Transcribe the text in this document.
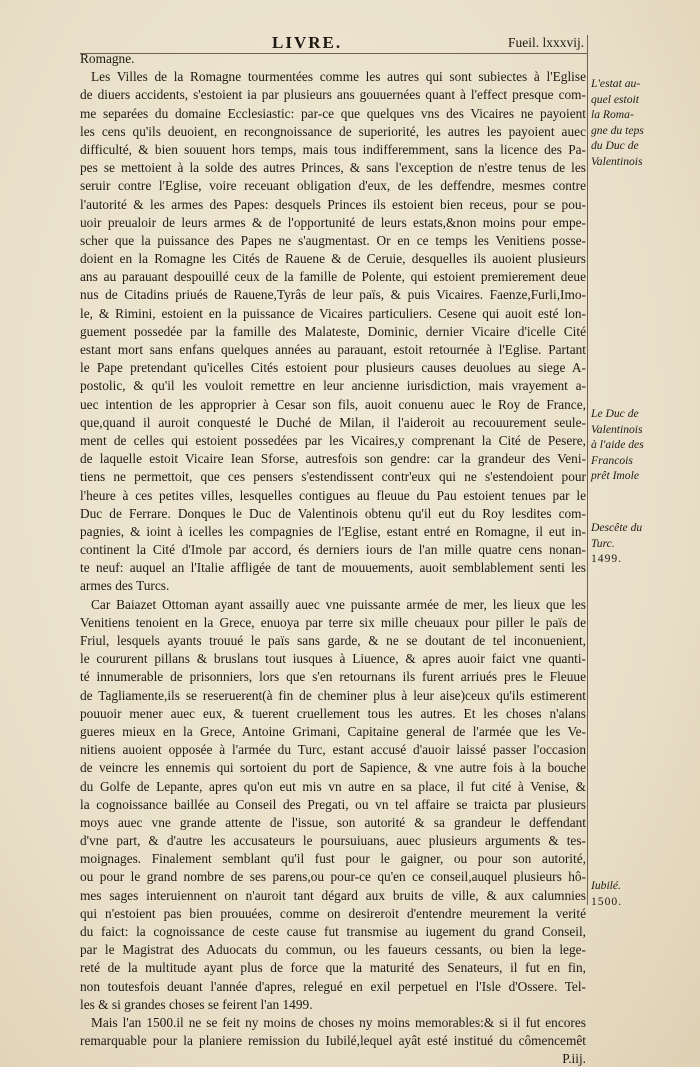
LIVRE.	Fueil. lxxxvij.
Romagne.
Les Villes de la Romagne tourmentées comme les autres qui sont subiectes à l'Eglise
de diuers accidents, s'estoient ia par plusieurs ans gouuernées quant à l'effect presque com-
me separées du domaine Ecclesiastic: par-ce que quelques vns des Vicaires ne payoient
les cens qu'ils deuoient, en recongnoissance de superiorité, les autres les payoient auec
difficulté, & bien souuent hors temps, mais tous indifferemment, sans la licence des Pa-
pes se mettoient à la solde des autres Princes, & sans l'exception de n'estre tenus de les
seruir contre l'Eglise, voire receuant obligation d'eux, de les deffendre, mesmes contre
l'autorité & les armes des Papes: desquels Princes ils estoient bien receus, pour se pou-
uoir preualoir de leurs armes & de l'opportunité de leurs estats,&non moins pour empe-
scher que la puissance des Papes ne s'augmentast. Or en ce temps les Venitiens posse-
doient en la Romagne les Cités de Rauene & de Ceruie, desquelles ils auoient plusieurs
ans au parauant despouillé ceux de la famille de Polente, qui estoient premierement deue
nus de Citadins priués de Rauene,Tyrâs de leur païs, & puis Vicaires. Faenze,Furli,Imo-
le, & Rimini, estoient en la puissance de Vicaires particuliers. Cesene qui auoit esté lon-
guement possedée par la famille des Malateste, Dominic, dernier Vicaire d'icelle Cité
estant mort sans enfans quelques années au parauant, estoit retournée à l'Eglise. Partant
le Pape pretendant qu'icelles Cités estoient pour plusieurs causes deuolues au siege A-
postolic, & qu'il les vouloit remettre en leur ancienne iurisdiction, mais vrayement a-
uec intention de les approprier à Cesar son fils, auoit conuenu auec le Roy de France,
que,quand il auroit conquesté le Duché de Milan, il l'aideroit au recouurement seule-
ment de celles qui estoient possedées par les Vicaires,y comprenant la Cité de Pesere,
de laquelle estoit Vicaire Iean Sforse, autresfois son gendre: car la grandeur des Veni-
tiens ne permettoit, que ces pensers s'estendissent contr'eux qui ne s'estendoient pour
l'heure à ces petites villes, lesquelles contigues au fleuue du Pau estoient tenues par le
Duc de Ferrare. Donques le Duc de Valentinois obtenu qu'il eut du Roy lesdites com-
pagnies, & ioint à icelles les compagnies de l'Eglise, estant entré en Romagne, il eut in-
continent la Cité d'Imole par accord, és derniers iours de l'an mille quatre cens nonan-
te neuf: auquel an l'Italie affligée de tant de mouuements, auoit semblablement senti les
armes des Turcs.
Car Baiazet Ottoman ayant assailly auec vne puissante armée de mer, les lieux que les
Venitiens tenoient en la Grece, enuoya par terre six mille cheuaux pour piller le païs de
Friul, lesquels ayants trouué le païs sans garde, & ne se doutant de tel inconuenient,
le coururent pillans & bruslans tout iusques à Liuence, & apres auoir faict vne quanti-
té innumerable de prisonniers, lors que s'en retournans ils furent arriués pres le Fleuue
de Tagliamente,ils se reseruerent(à fin de cheminer plus à leur aise)ceux qu'ils estimerent
pouuoir mener auec eux, & tuerent cruellement tous les autres. Et les choses n'alans
gueres mieux en la Grece, Antoine Grimani, Capitaine general de l'armée que les Ve-
nitiens auoient opposée à l'armée du Turc, estant accusé d'auoir laissé passer l'occasion
de veincre les ennemis qui sortoient du port de Sapience, & vne autre fois à la bouche
du Golfe de Lepante, apres qu'on eut mis vn autre en sa place, il fut cité à Venise, &
la cognoissance baillée au Conseil des Pregati, ou vn tel affaire se traicta par plusieurs
moys auec vne grande attente de l'issue, son autorité & sa grandeur le deffendant
d'vne part, & d'autre les accusateurs le poursuiuans, auec plusieurs arguments & tes-
moignages. Finalement semblant qu'il fust pour le gaigner, ou pour son autorité,
ou pour le grand nombre de ses parens,ou pour-ce qu'en ce conseil,auquel plusieurs hô-
mes sages interuiennent on n'auroit tant dégard aux bruits de ville, & aux calumnies
qui n'estoient pas bien prouuées, comme on desireroit d'entendre meurement la verité
du faict: la cognoissance de ceste cause fut transmise au iugement du grand Conseil,
par le Magistrat des Aduocats du commun, ou les faueurs cessants, ou bien la lege-
reté de la multitude ayant plus de force que la maturité des Senateurs, il fut en fin,
non toutesfois deuant l'année d'apres, relegué en exil perpetuel en l'Isle d'Ossere. Tel-
les & si grandes choses se feirent l'an 1499.
Mais l'an 1500.il ne se feit ny moins de choses ny moins memorables:& si il fut encores
remarquable pour la planiere remission du Iubilé,lequel ayât esté institué du cômencemêt
P.iij.
L'estat au-
quel estoit
la Roma-
gne du teps
du Duc de
Valentinois
Le Duc de
Valentinois
à l'aide des
Francois
prêt Imole
Descête du
Turc.
1499.
Iubilé.
1500.
